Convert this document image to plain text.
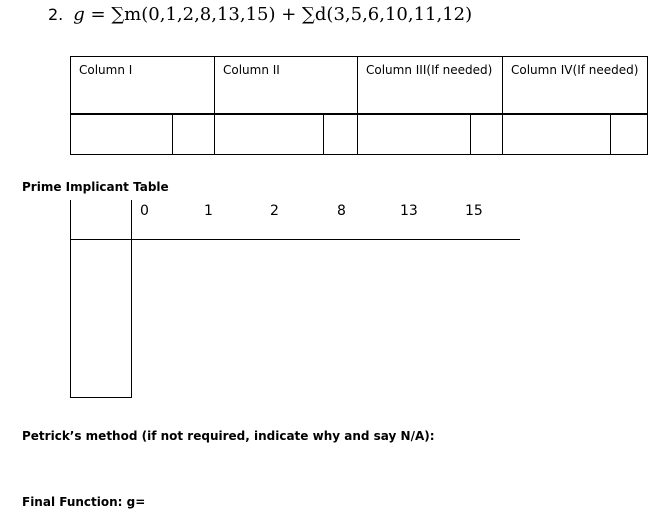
2. g = ∑m(0,1,2,8,13,15) + ∑d(3,5,6,10,11,12)
Column I	Column II	Column III(If needed)	Column IV(If needed)

Prime Implicant Table
0	1	2	8	13	15
Petrick’s method (if not required, indicate why and say N/A):
Final Function: g=
